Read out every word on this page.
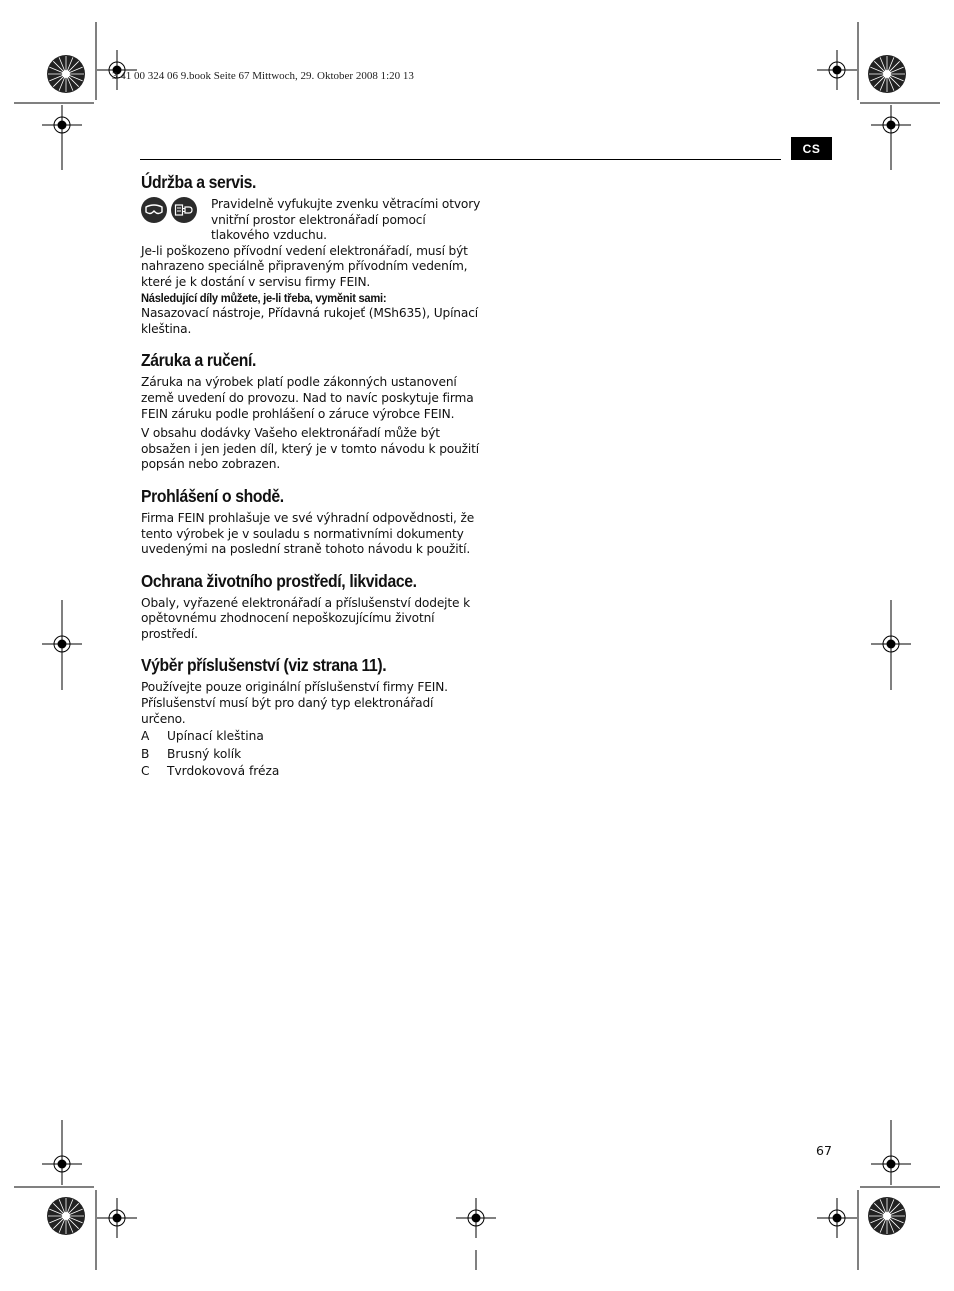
3 41 00 324 06 9.book Seite 67 Mittwoch, 29. Oktober 2008 1:20 13
CS
Údržba a servis.

Pravidelně vyfukujte zvenku větracími otvory vnitřní prostor elektronářadí pomocí tlakového vzduchu.

Je-li poškozeno přívodní vedení elektronářadí, musí být nahrazeno speciálně připraveným přívodním vedením, které je k dostání v servisu firmy FEIN.

Následující díly můžete, je-li třeba, vyměnit sami:

Nasazovací nástroje, Přídavná rukojeť (MSh635), Upínací kleština.

Záruka a ručení.

Záruka na výrobek platí podle zákonných ustanovení země uvedení do provozu. Nad to navíc poskytuje firma FEIN záruku podle prohlášení o záruce výrobce FEIN.

V obsahu dodávky Vašeho elektronářadí může být obsažen i jen jeden díl, který je v tomto návodu k použití popsán nebo zobrazen.

Prohlášení o shodě.

Firma FEIN prohlašuje ve své výhradní odpovědnosti, že tento výrobek je v souladu s normativními dokumenty uvedenými na poslední straně tohoto návodu k použití.

Ochrana životního prostředí, likvidace.

Obaly, vyřazené elektronářadí a příslušenství dodejte k opětovnému zhodnocení nepoškozujícímu životní prostředí.

Výběr příslušenství (viz strana 11).

Používejte pouze originální příslušenství firmy FEIN. Příslušenství musí být pro daný typ elektronářadí určeno.

A	Upínací kleština
B	Brusný kolík
C	Tvrdokovová fréza
67
